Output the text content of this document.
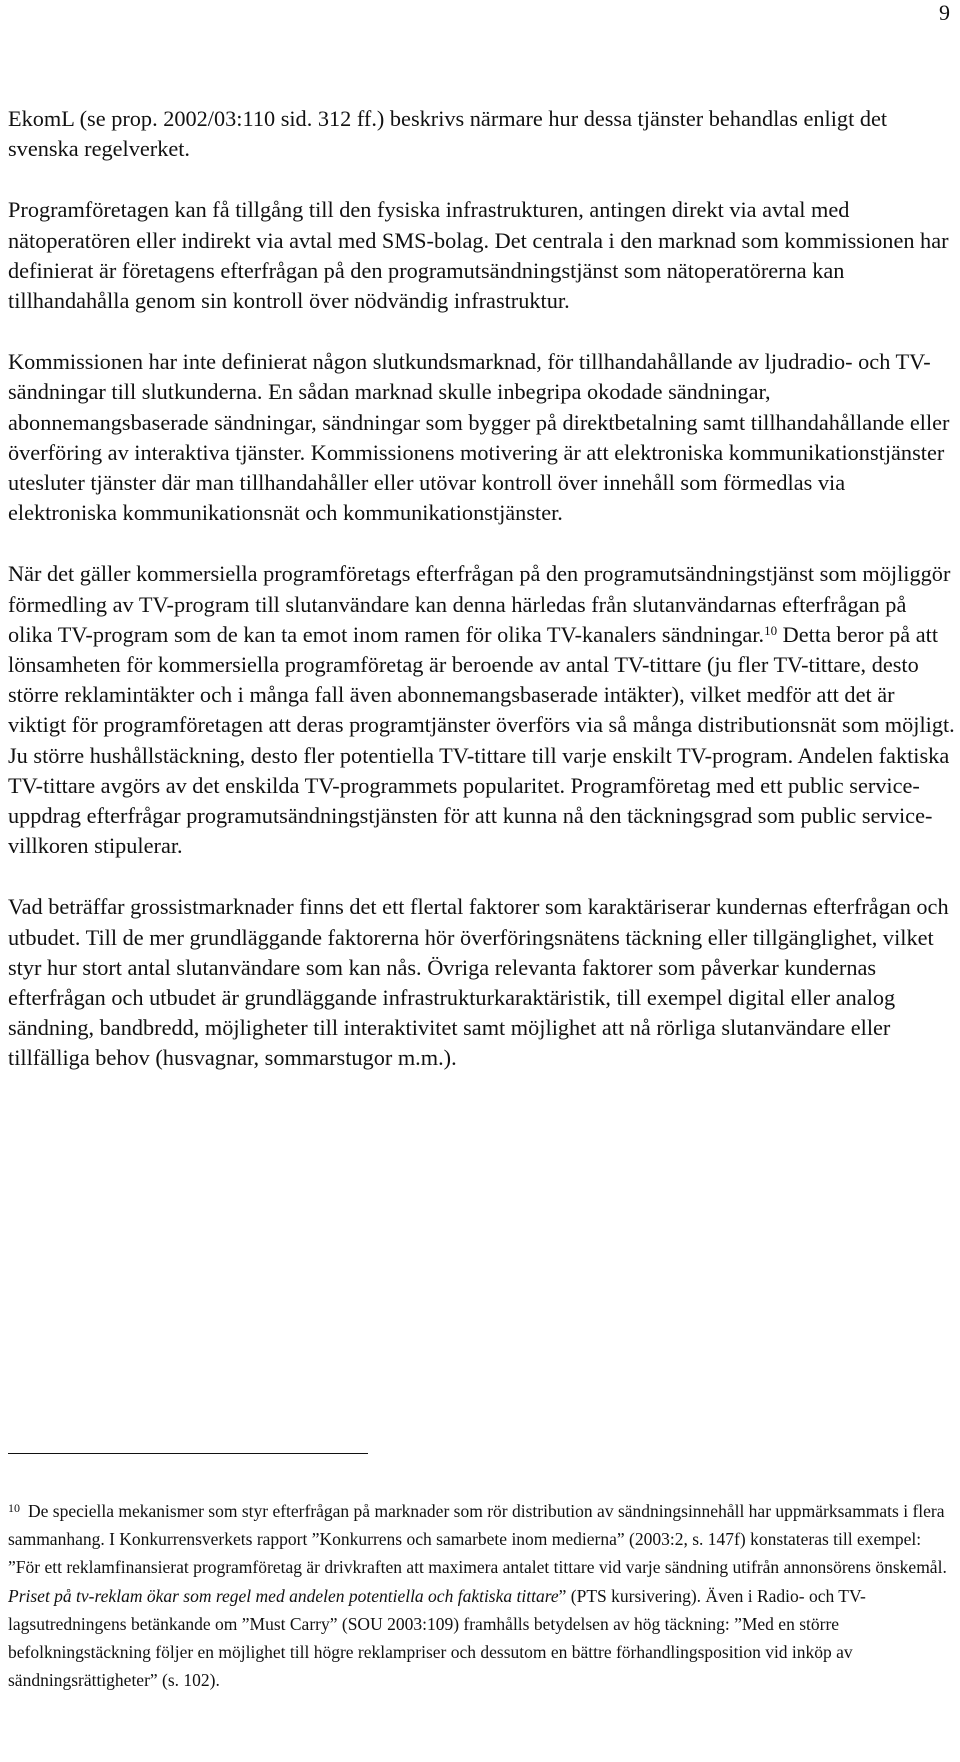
9

EkomL (se prop. 2002/03:110 sid. 312 ff.) beskrivs närmare hur dessa tjänster behandlas enligt det svenska regelverket.

Programföretagen kan få tillgång till den fysiska infrastrukturen, antingen direkt via avtal med nätoperatören eller indirekt via avtal med SMS-bolag. Det centrala i den marknad som kommissionen har definierat är företagens efterfrågan på den programutsändningstjänst som nätoperatörerna kan tillhandahålla genom sin kontroll över nödvändig infrastruktur.

Kommissionen har inte definierat någon slutkundsmarknad, för tillhandahållande av ljudradio- och TV-sändningar till slutkunderna. En sådan marknad skulle inbegripa okodade sändningar, abonnemangsbaserade sändningar, sändningar som bygger på direktbetalning samt tillhandahållande eller överföring av interaktiva tjänster. Kommissionens motivering är att elektroniska kommunikationstjänster utesluter tjänster där man tillhandahåller eller utövar kontroll över innehåll som förmedlas via elektroniska kommunikationsnät och kommunikationstjänster.

När det gäller kommersiella programföretags efterfrågan på den programutsändningstjänst som möjliggör förmedling av TV-program till slutanvändare kan denna härledas från slutanvändarnas efterfrågan på olika TV-program som de kan ta emot inom ramen för olika TV-kanalers sändningar.$^{10}$ Detta beror på att lönsamheten för kommersiella programföretag är beroende av antal TV-tittare (ju fler TV-tittare, desto större reklamintäkter och i många fall även abonnemangsbaserade intäkter), vilket medför att det är viktigt för programföretagen att deras programtjänster överförs via så många distributionsnät som möjligt. Ju större hushållstäckning, desto fler potentiella TV-tittare till varje enskilt TV-program. Andelen faktiska TV-tittare avgörs av det enskilda TV-programmets popularitet. Programföretag med ett public service-uppdrag efterfrågar programutsändningstjänsten för att kunna nå den täckningsgrad som public service-villkoren stipulerar.

Vad beträffar grossistmarknader finns det ett flertal faktorer som karaktäriserar kundernas efterfrågan och utbudet. Till de mer grundläggande faktorerna hör överföringsnätens täckning eller tillgänglighet, vilket styr hur stort antal slutanvändare som kan nås. Övriga relevanta faktorer som påverkar kundernas efterfrågan och utbudet är grundläggande infrastrukturkaraktäristik, till exempel digital eller analog sändning, bandbredd, möjligheter till interaktivitet samt möjlighet att nå rörliga slutanvändare eller tillfälliga behov (husvagnar, sommarstugor m.m.).

$^{10}$ De speciella mekanismer som styr efterfrågan på marknader som rör distribution av sändningsinnehåll har uppmärksammats i flera sammanhang. I Konkurrensverkets rapport ”Konkurrens och samarbete inom medierna” (2003:2, s. 147f) konstateras till exempel: ”För ett reklamfinansierat programföretag är drivkraften att maximera antalet tittare vid varje sändning utifrån annonsörens önskemål. Priset på tv-reklam ökar som regel med andelen potentiella och faktiska tittare” (PTS kursivering). Även i Radio- och TV-lagsutredningens betänkande om ”Must Carry” (SOU 2003:109) framhålls betydelsen av hög täckning: ”Med en större befolkningstäckning följer en möjlighet till högre reklampriser och dessutom en bättre förhandlingsposition vid inköp av sändningsrättigheter” (s. 102).
